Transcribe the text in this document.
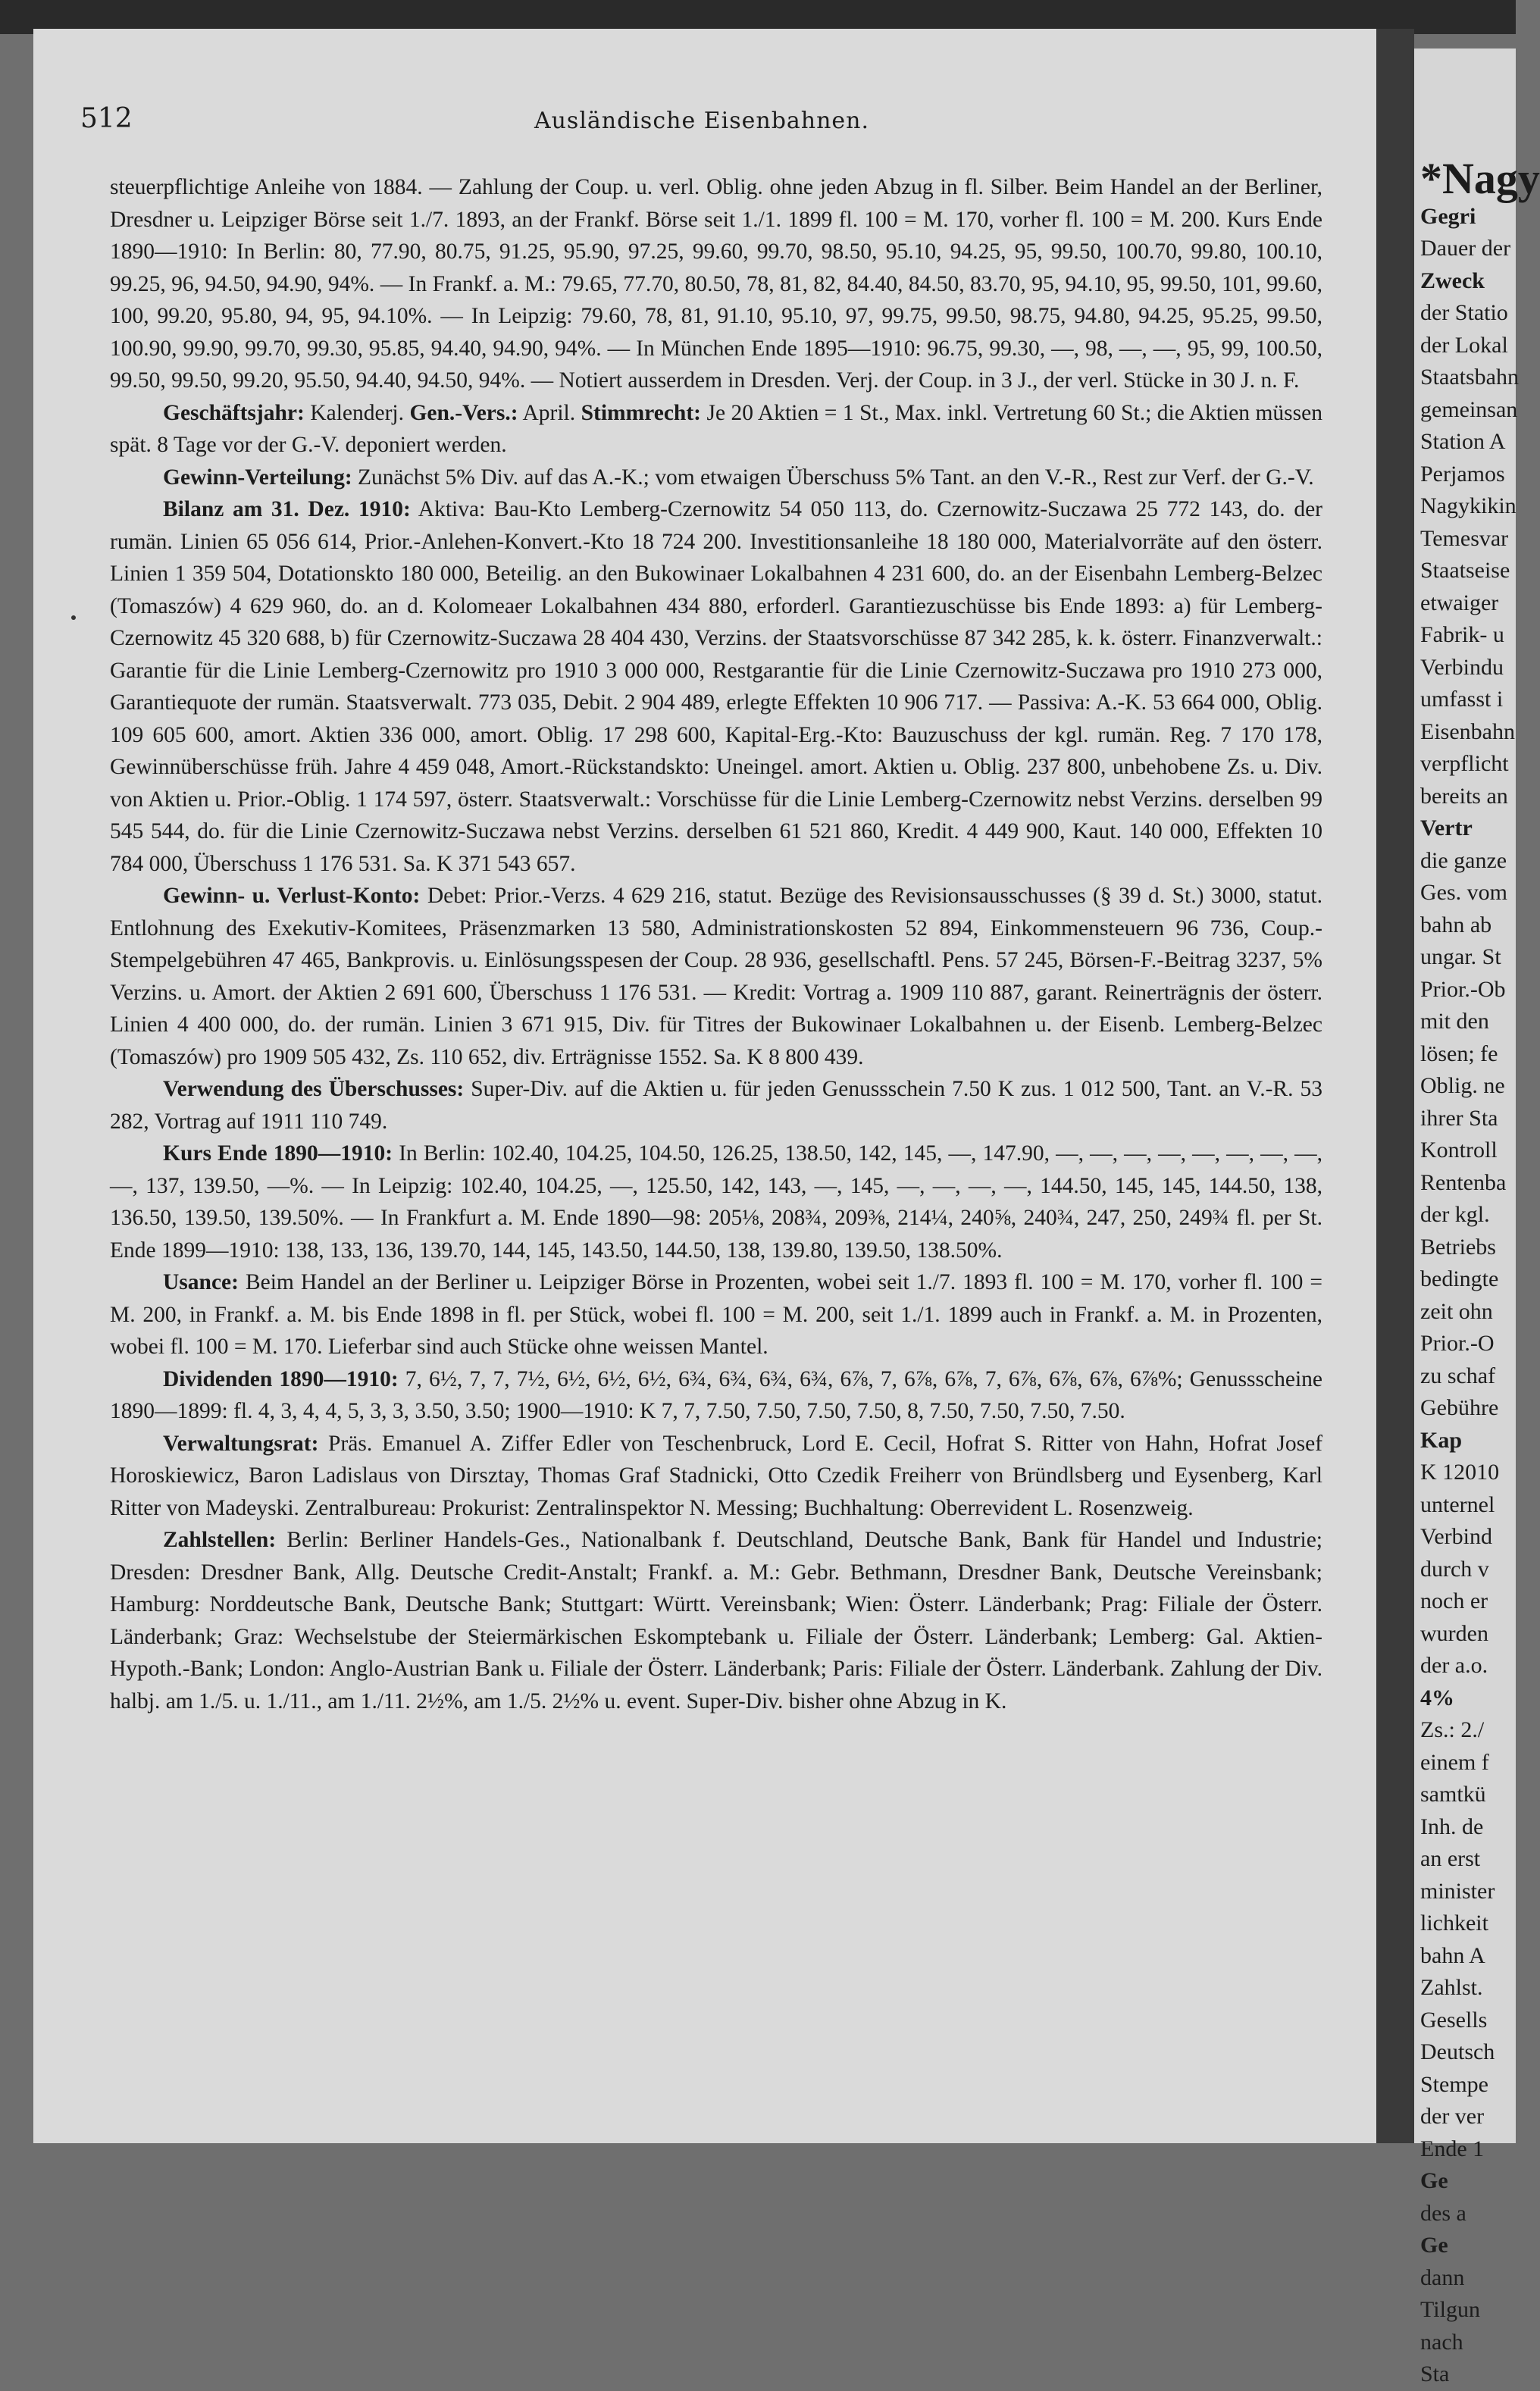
*Nagy
Gegri
Dauer der
Zweck
der Statio
der Lokal
Staatsbahn
gemeinsan
Station A
Perjamos
Nagykikin
Temesvar
Staatseise
etwaiger
Fabrik- u
Verbindu
umfasst i
Eisenbahn
verpflicht
bereits an
Vertr
die ganze
Ges. vom
bahn ab
ungar. St
Prior.-Ob
mit den
lösen; fe
Oblig. ne
ihrer Sta
Kontroll
Rentenba
der kgl.
Betriebs
bedingte
zeit ohn
Prior.-O
zu schaf
Gebühre
Kap
K 12010
unternel
Verbind
durch v
noch er
wurden
der a.o.
4%
Zs.: 2./
einem f
samtkü
Inh. de
an erst
minister
lichkeit
bahn A
Zahlst.
Gesells
Deutsch
Stempe
der ver
Ende 1
Ge
des a
Ge
dann
Tilgun
nach
Sta
512	Ausländische Eisenbahnen.

steuerpflichtige Anleihe von 1884. — Zahlung der Coup. u. verl. Oblig. ohne jeden Abzug in fl. Silber. Beim Handel an der Berliner, Dresdner u. Leipziger Börse seit 1./7. 1893, an der Frankf. Börse seit 1./1. 1899 fl. 100 = M. 170, vorher fl. 100 = M. 200. Kurs Ende 1890—1910: In Berlin: 80, 77.90, 80.75, 91.25, 95.90, 97.25, 99.60, 99.70, 98.50, 95.10, 94.25, 95, 99.50, 100.70, 99.80, 100.10, 99.25, 96, 94.50, 94.90, 94%. — In Frankf. a. M.: 79.65, 77.70, 80.50, 78, 81, 82, 84.40, 84.50, 83.70, 95, 94.10, 95, 99.50, 101, 99.60, 100, 99.20, 95.80, 94, 95, 94.10%. — In Leipzig: 79.60, 78, 81, 91.10, 95.10, 97, 99.75, 99.50, 98.75, 94.80, 94.25, 95.25, 99.50, 100.90, 99.90, 99.70, 99.30, 95.85, 94.40, 94.90, 94%. — In München Ende 1895—1910: 96.75, 99.30, —, 98, —, —, 95, 99, 100.50, 99.50, 99.50, 99.20, 95.50, 94.40, 94.50, 94%. — Notiert ausserdem in Dresden. Verj. der Coup. in 3 J., der verl. Stücke in 30 J. n. F.

Geschäftsjahr: Kalenderj. Gen.-Vers.: April. Stimmrecht: Je 20 Aktien = 1 St., Max. inkl. Vertretung 60 St.; die Aktien müssen spät. 8 Tage vor der G.-V. deponiert werden.

Gewinn-Verteilung: Zunächst 5% Div. auf das A.-K.; vom etwaigen Überschuss 5% Tant. an den V.-R., Rest zur Verf. der G.-V.

Bilanz am 31. Dez. 1910: Aktiva: Bau-Kto Lemberg-Czernowitz 54 050 113, do. Czernowitz-Suczawa 25 772 143, do. der rumän. Linien 65 056 614, Prior.-Anlehen-Konvert.-Kto 18 724 200. Investitionsanleihe 18 180 000, Materialvorräte auf den österr. Linien 1 359 504, Dotationskto 180 000, Beteilig. an den Bukowinaer Lokalbahnen 4 231 600, do. an der Eisenbahn Lemberg-Belzec (Tomaszów) 4 629 960, do. an d. Kolomeaer Lokalbahnen 434 880, erforderl. Garantiezuschüsse bis Ende 1893: a) für Lemberg-Czernowitz 45 320 688, b) für Czernowitz-Suczawa 28 404 430, Verzins. der Staatsvorschüsse 87 342 285, k. k. österr. Finanzverwalt.: Garantie für die Linie Lemberg-Czernowitz pro 1910 3 000 000, Restgarantie für die Linie Czernowitz-Suczawa pro 1910 273 000, Garantiequote der rumän. Staatsverwalt. 773 035, Debit. 2 904 489, erlegte Effekten 10 906 717. — Passiva: A.-K. 53 664 000, Oblig. 109 605 600, amort. Aktien 336 000, amort. Oblig. 17 298 600, Kapital-Erg.-Kto: Bauzuschuss der kgl. rumän. Reg. 7 170 178, Gewinnüberschüsse früh. Jahre 4 459 048, Amort.-Rückstandskto: Uneingel. amort. Aktien u. Oblig. 237 800, unbehobene Zs. u. Div. von Aktien u. Prior.-Oblig. 1 174 597, österr. Staatsverwalt.: Vorschüsse für die Linie Lemberg-Czernowitz nebst Verzins. derselben 99 545 544, do. für die Linie Czernowitz-Suczawa nebst Verzins. derselben 61 521 860, Kredit. 4 449 900, Kaut. 140 000, Effekten 10 784 000, Überschuss 1 176 531. Sa. K 371 543 657.

Gewinn- u. Verlust-Konto: Debet: Prior.-Verzs. 4 629 216, statut. Bezüge des Revisionsausschusses (§ 39 d. St.) 3000, statut. Entlohnung des Exekutiv-Komitees, Präsenzmarken 13 580, Administrationskosten 52 894, Einkommensteuern 96 736, Coup.-Stempelgebühren 47 465, Bankprovis. u. Einlösungsspesen der Coup. 28 936, gesellschaftl. Pens. 57 245, Börsen-F.-Beitrag 3237, 5% Verzins. u. Amort. der Aktien 2 691 600, Überschuss 1 176 531. — Kredit: Vortrag a. 1909 110 887, garant. Reinerträgnis der österr. Linien 4 400 000, do. der rumän. Linien 3 671 915, Div. für Titres der Bukowinaer Lokalbahnen u. der Eisenb. Lemberg-Belzec (Tomaszów) pro 1909 505 432, Zs. 110 652, div. Erträgnisse 1552. Sa. K 8 800 439.

Verwendung des Überschusses: Super-Div. auf die Aktien u. für jeden Genussschein 7.50 K zus. 1 012 500, Tant. an V.-R. 53 282, Vortrag auf 1911 110 749.

Kurs Ende 1890—1910: In Berlin: 102.40, 104.25, 104.50, 126.25, 138.50, 142, 145, —, 147.90, —, —, —, —, —, —, —, —, —, 137, 139.50, —%. — In Leipzig: 102.40, 104.25, —, 125.50, 142, 143, —, 145, —, —, —, —, 144.50, 145, 145, 144.50, 138, 136.50, 139.50, 139.50%. — In Frankfurt a. M. Ende 1890—98: 205⅛, 208¾, 209⅜, 214¼, 240⅝, 240¾, 247, 250, 249¾ fl. per St. Ende 1899—1910: 138, 133, 136, 139.70, 144, 145, 143.50, 144.50, 138, 139.80, 139.50, 138.50%.

Usance: Beim Handel an der Berliner u. Leipziger Börse in Prozenten, wobei seit 1./7. 1893 fl. 100 = M. 170, vorher fl. 100 = M. 200, in Frankf. a. M. bis Ende 1898 in fl. per Stück, wobei fl. 100 = M. 200, seit 1./1. 1899 auch in Frankf. a. M. in Prozenten, wobei fl. 100 = M. 170. Lieferbar sind auch Stücke ohne weissen Mantel.

Dividenden 1890—1910: 7, 6½, 7, 7, 7½, 6½, 6½, 6½, 6¾, 6¾, 6¾, 6¾, 6⅞, 7, 6⅞, 6⅞, 7, 6⅞, 6⅞, 6⅞, 6⅞%; Genussscheine 1890—1899: fl. 4, 3, 4, 4, 5, 3, 3, 3.50, 3.50; 1900—1910: K 7, 7, 7.50, 7.50, 7.50, 7.50, 8, 7.50, 7.50, 7.50, 7.50.

Verwaltungsrat: Präs. Emanuel A. Ziffer Edler von Teschenbruck, Lord E. Cecil, Hofrat S. Ritter von Hahn, Hofrat Josef Horoskiewicz, Baron Ladislaus von Dirsztay, Thomas Graf Stadnicki, Otto Czedik Freiherr von Bründlsberg und Eysenberg, Karl Ritter von Madeyski. Zentralbureau: Prokurist: Zentralinspektor N. Messing; Buchhaltung: Oberrevident L. Rosenzweig.

Zahlstellen: Berlin: Berliner Handels-Ges., Nationalbank f. Deutschland, Deutsche Bank, Bank für Handel und Industrie; Dresden: Dresdner Bank, Allg. Deutsche Credit-Anstalt; Frankf. a. M.: Gebr. Bethmann, Dresdner Bank, Deutsche Vereinsbank; Hamburg: Norddeutsche Bank, Deutsche Bank; Stuttgart: Württ. Vereinsbank; Wien: Österr. Länderbank; Prag: Filiale der Österr. Länderbank; Graz: Wechselstube der Steiermärkischen Eskomptebank u. Filiale der Österr. Länderbank; Lemberg: Gal. Aktien-Hypoth.-Bank; London: Anglo-Austrian Bank u. Filiale der Österr. Länderbank; Paris: Filiale der Österr. Länderbank. Zahlung der Div. halbj. am 1./5. u. 1./11., am 1./11. 2½%, am 1./5. 2½% u. event. Super-Div. bisher ohne Abzug in K.
